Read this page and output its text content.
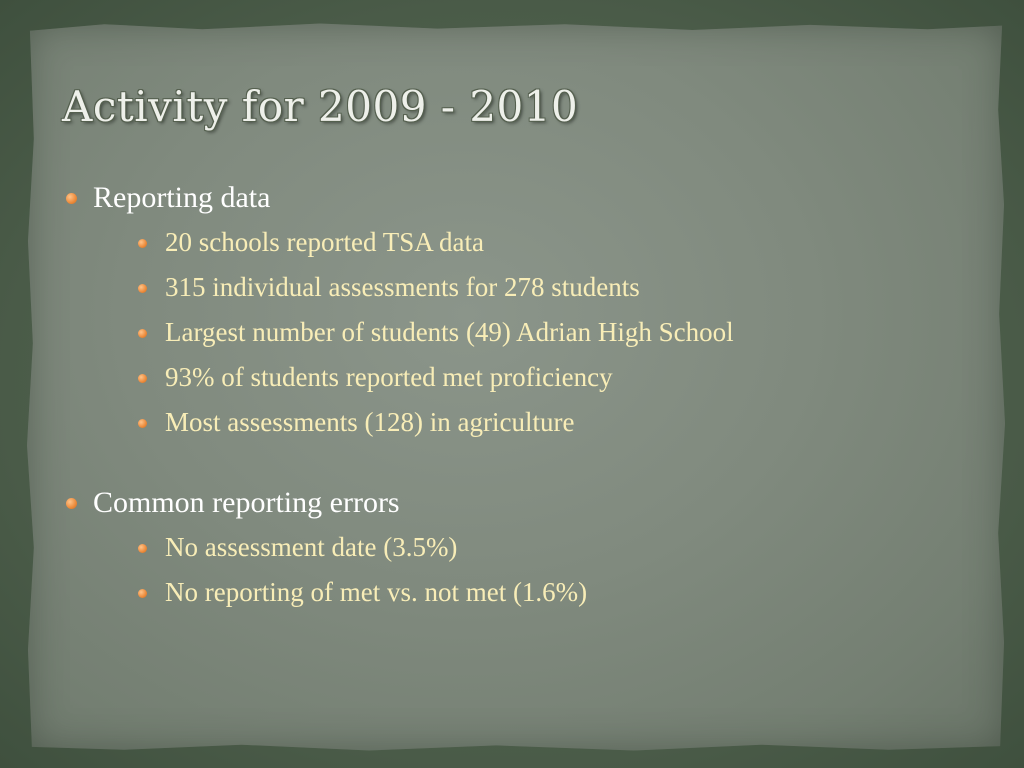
Activity for 2009 - 2010
Reporting data
20 schools reported TSA data
315 individual assessments for 278 students
Largest number of students (49) Adrian High School
93% of students reported met proficiency
Most assessments (128) in agriculture
Common reporting errors
No assessment date (3.5%)
No reporting of met vs. not met (1.6%)
